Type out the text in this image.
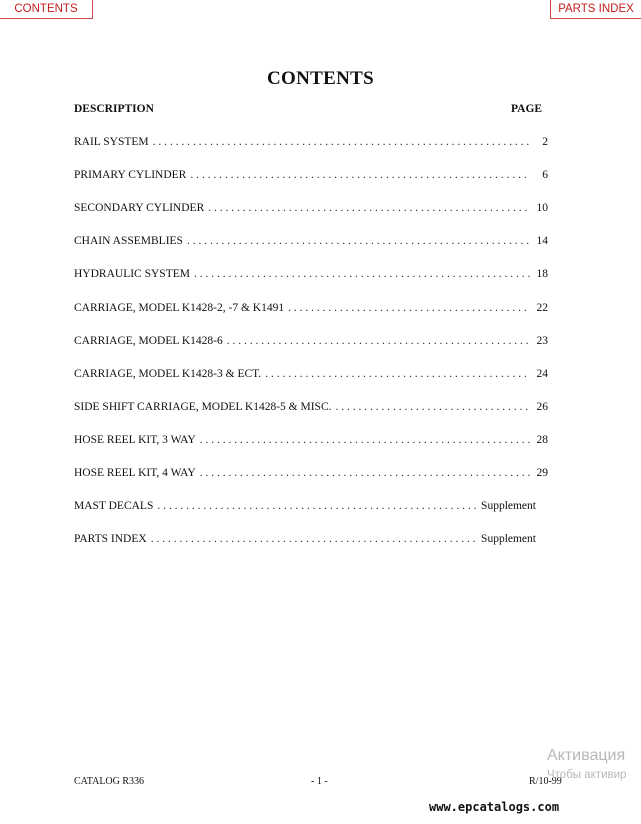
CONTENTS	PARTS INDEX
CONTENTS
DESCRIPTION	PAGE
RAIL SYSTEM . . .	2
PRIMARY CYLINDER . . .	6
SECONDARY CYLINDER . . .	10
CHAIN ASSEMBLIES . . .	14
HYDRAULIC SYSTEM . . .	18
CARRIAGE, MODEL K1428-2, -7 & K1491 . . .	22
CARRIAGE, MODEL K1428-6 . . .	23
CARRIAGE, MODEL K1428-3 & ECT. . . .	24
SIDE SHIFT CARRIAGE, MODEL K1428-5 & MISC. . . .	26
HOSE REEL KIT, 3 WAY . . .	28
HOSE REEL KIT, 4 WAY . . .	29
MAST DECALS . . .	Supplement
PARTS INDEX . . .	Supplement
CATALOG R336	- 1 -	R/10-99
Активация
Чтобы активир
www.epcatalogs.com
